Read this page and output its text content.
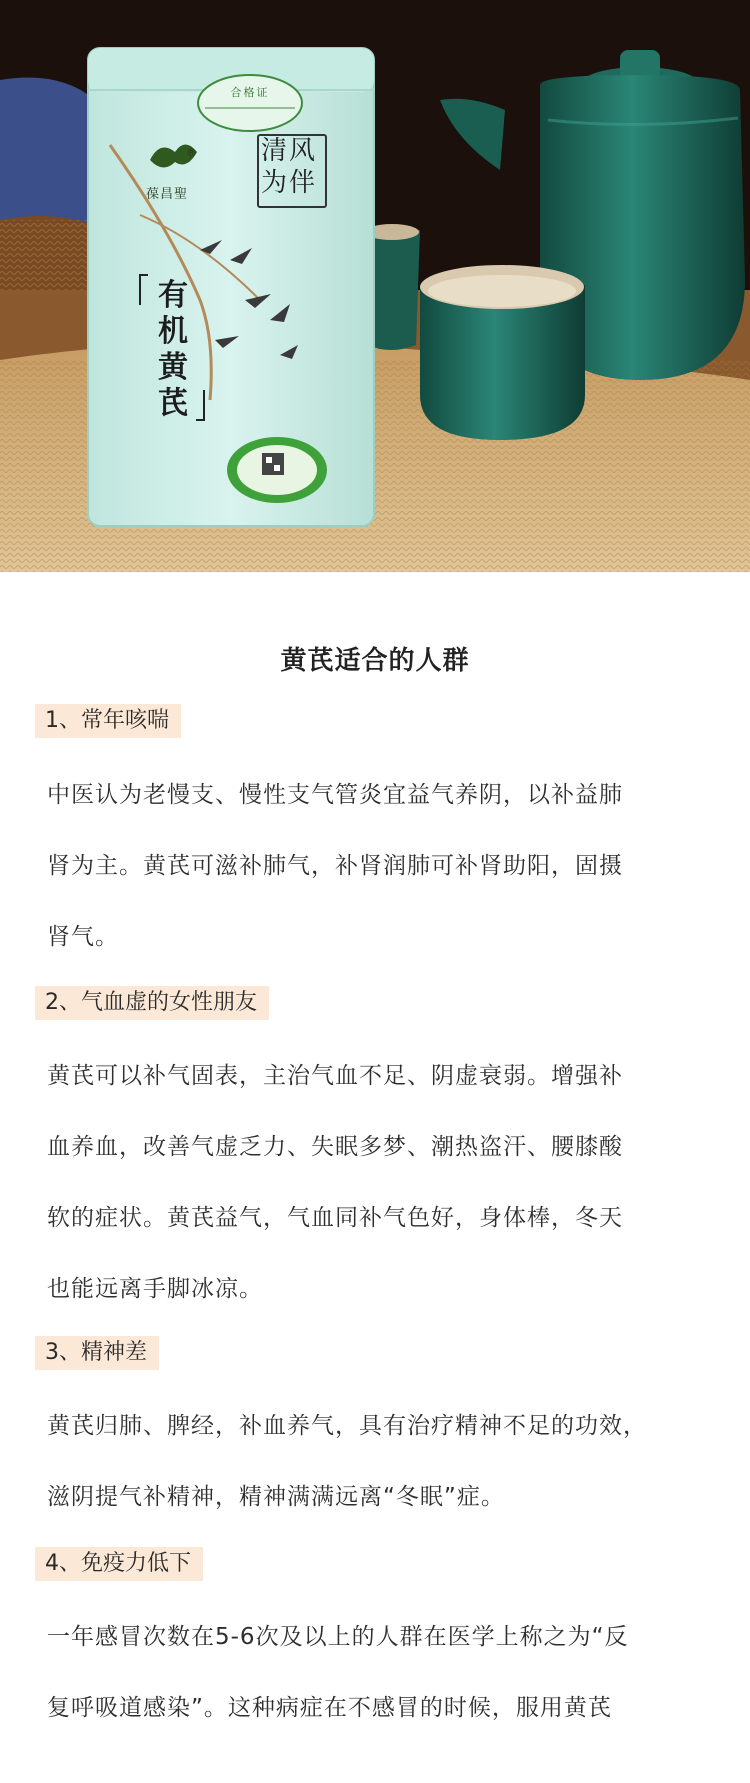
®
葆昌聖
合格证
清风
为伴
有
机
黄
芪
黄芪适合的人群
1、常年咳喘
中医认为老慢支、慢性支气管炎宜益气养阴，以补益肺
肾为主。黄芪可滋补肺气，补肾润肺可补肾助阳，固摄
肾气。
2、气血虚的女性朋友
黄芪可以补气固表，主治气血不足、阴虚衰弱。增强补
血养血，改善气虚乏力、失眠多梦、潮热盗汗、腰膝酸
软的症状。黄芪益气，气血同补气色好，身体棒，冬天
也能远离手脚冰凉。
3、精神差
黄芪归肺、脾经，补血养气，具有治疗精神不足的功效，
滋阴提气补精神，精神满满远离“冬眠”症。
4、免疫力低下
一年感冒次数在5-6次及以上的人群在医学上称之为“反
复呼吸道感染”。这种病症在不感冒的时候，服用黄芪
